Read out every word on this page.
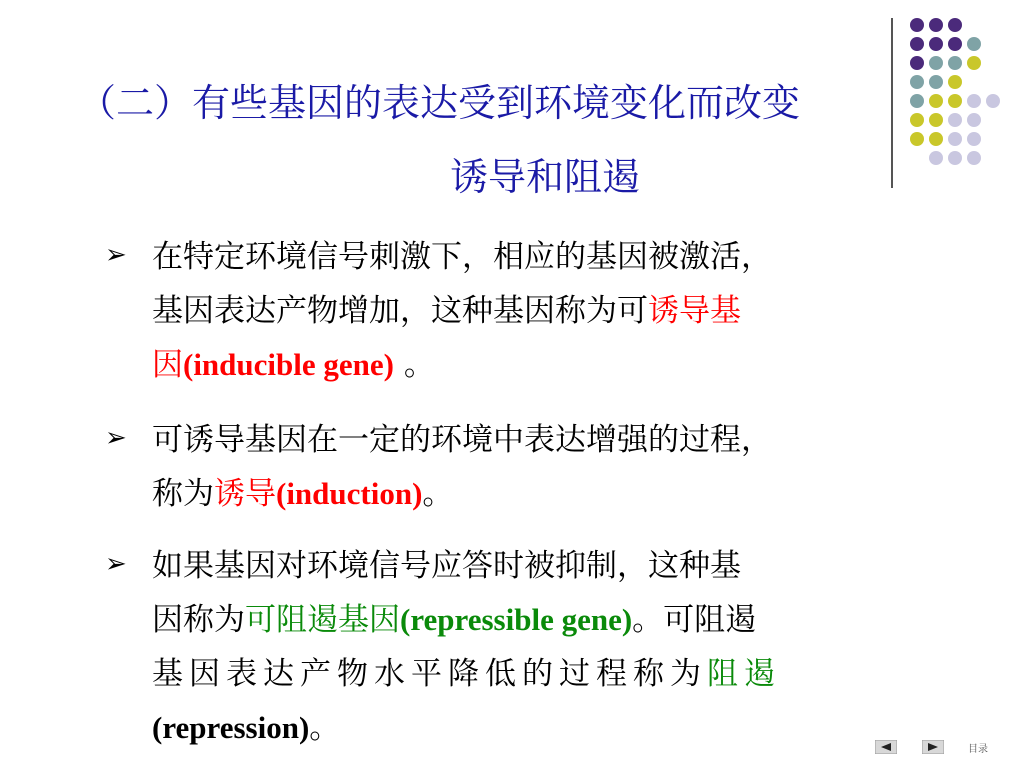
（二）有些基因的表达受到环境变化而改变
诱导和阻遏
➢ 在特定环境信号刺激下，相应的基因被激活，
基因表达产物增加，这种基因称为可诱导基
因(inducible gene) 。
➢ 可诱导基因在一定的环境中表达增强的过程，
称为诱导(induction)。
➢ 如果基因对环境信号应答时被抑制，这种基
因称为可阻遏基因(repressible gene)。可阻遏
基因表达产物水平降低的过程称为阻遏
(repression)。
目录
